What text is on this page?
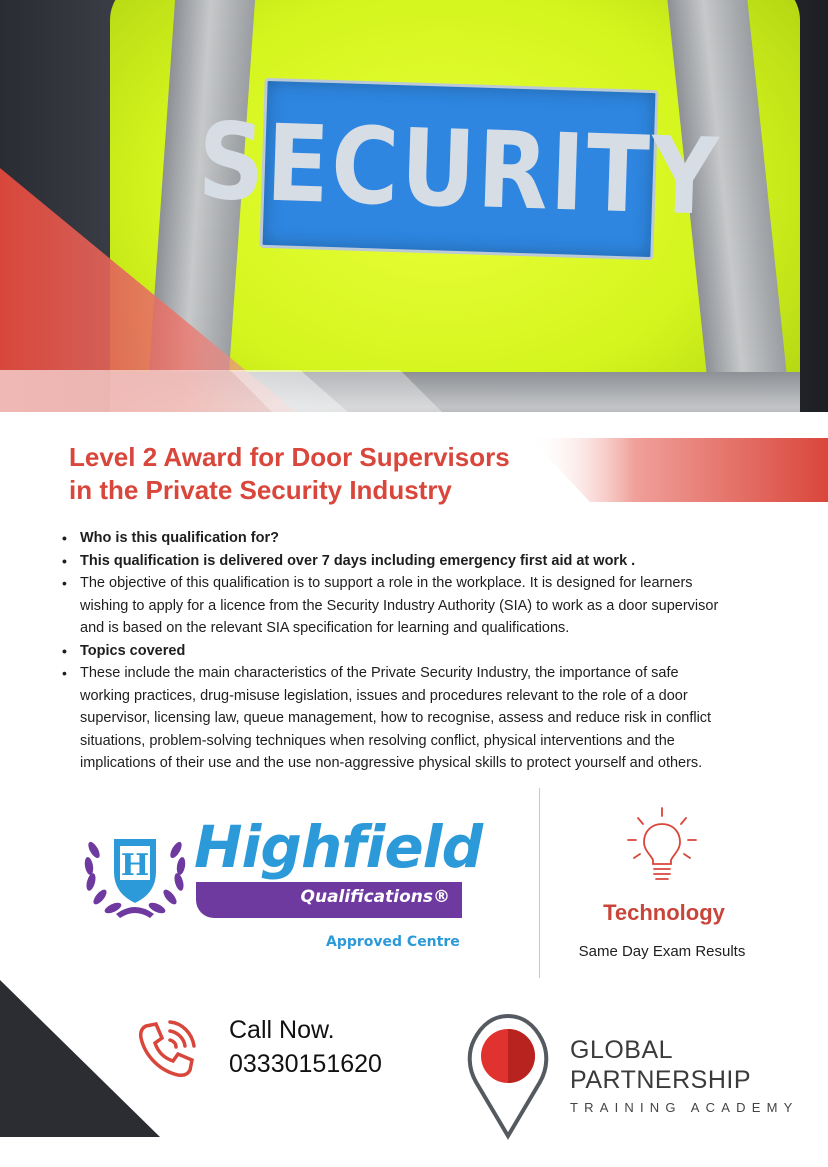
SECURITY
Level 2 Award for Door Supervisors
in the Private Security Industry
• Who is this qualification for?
• This qualification is delivered over 7 days including emergency first aid at work .
• The objective of this qualification is to support a role in the workplace. It is designed for learners wishing to apply for a licence from the Security Industry Authority (SIA) to work as a door supervisor and is based on the relevant SIA specification for learning and qualifications.
• Topics covered
• These include the main characteristics of the Private Security Industry, the importance of safe working practices, drug-misuse legislation, issues and procedures relevant to the role of a door supervisor, licensing law, queue management, how to recognise, assess and reduce risk in conflict situations, problem-solving techniques when resolving conflict, physical interventions and the implications of their use and the use non-aggressive physical skills to protect yourself and others.
H Highfield
Qualifications®
Approved Centre
Technology
Same Day Exam Results
Call Now.
03330151620	GLOBAL
PARTNERSHIP
TRAINING ACADEMY
